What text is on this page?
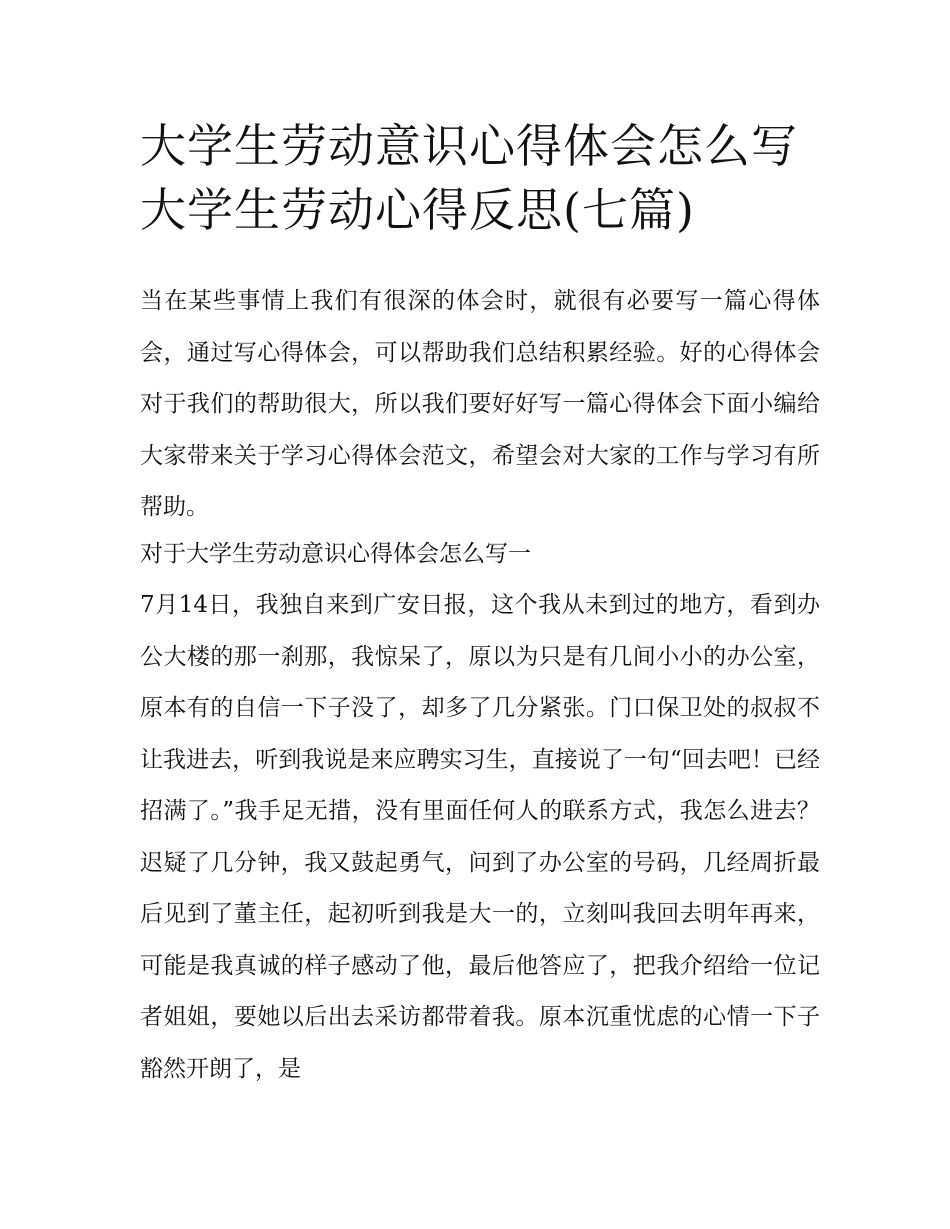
大学生劳动意识心得体会怎么写 大学生劳动心得反思(七篇)

当在某些事情上我们有很深的体会时，就很有必要写一篇心得体会，通过写心得体会，可以帮助我们总结积累经验。好的心得体会对于我们的帮助很大，所以我们要好好写一篇心得体会下面小编给大家带来关于学习心得体会范文，希望会对大家的工作与学习有所帮助。

对于大学生劳动意识心得体会怎么写一

7月14日，我独自来到广安日报，这个我从未到过的地方，看到办公大楼的那一刹那，我惊呆了，原以为只是有几间小小的办公室，原本有的自信一下子没了，却多了几分紧张。门口保卫处的叔叔不让我进去，听到我说是来应聘实习生，直接说了一句“回去吧！已经招满了。”我手足无措，没有里面任何人的联系方式，我怎么进去？迟疑了几分钟，我又鼓起勇气，问到了办公室的号码，几经周折最后见到了董主任，起初听到我是大一的，立刻叫我回去明年再来，可能是我真诚的样子感动了他，最后他答应了，把我介绍给一位记者姐姐，要她以后出去采访都带着我。原本沉重忧虑的心情一下子豁然开朗了，是
